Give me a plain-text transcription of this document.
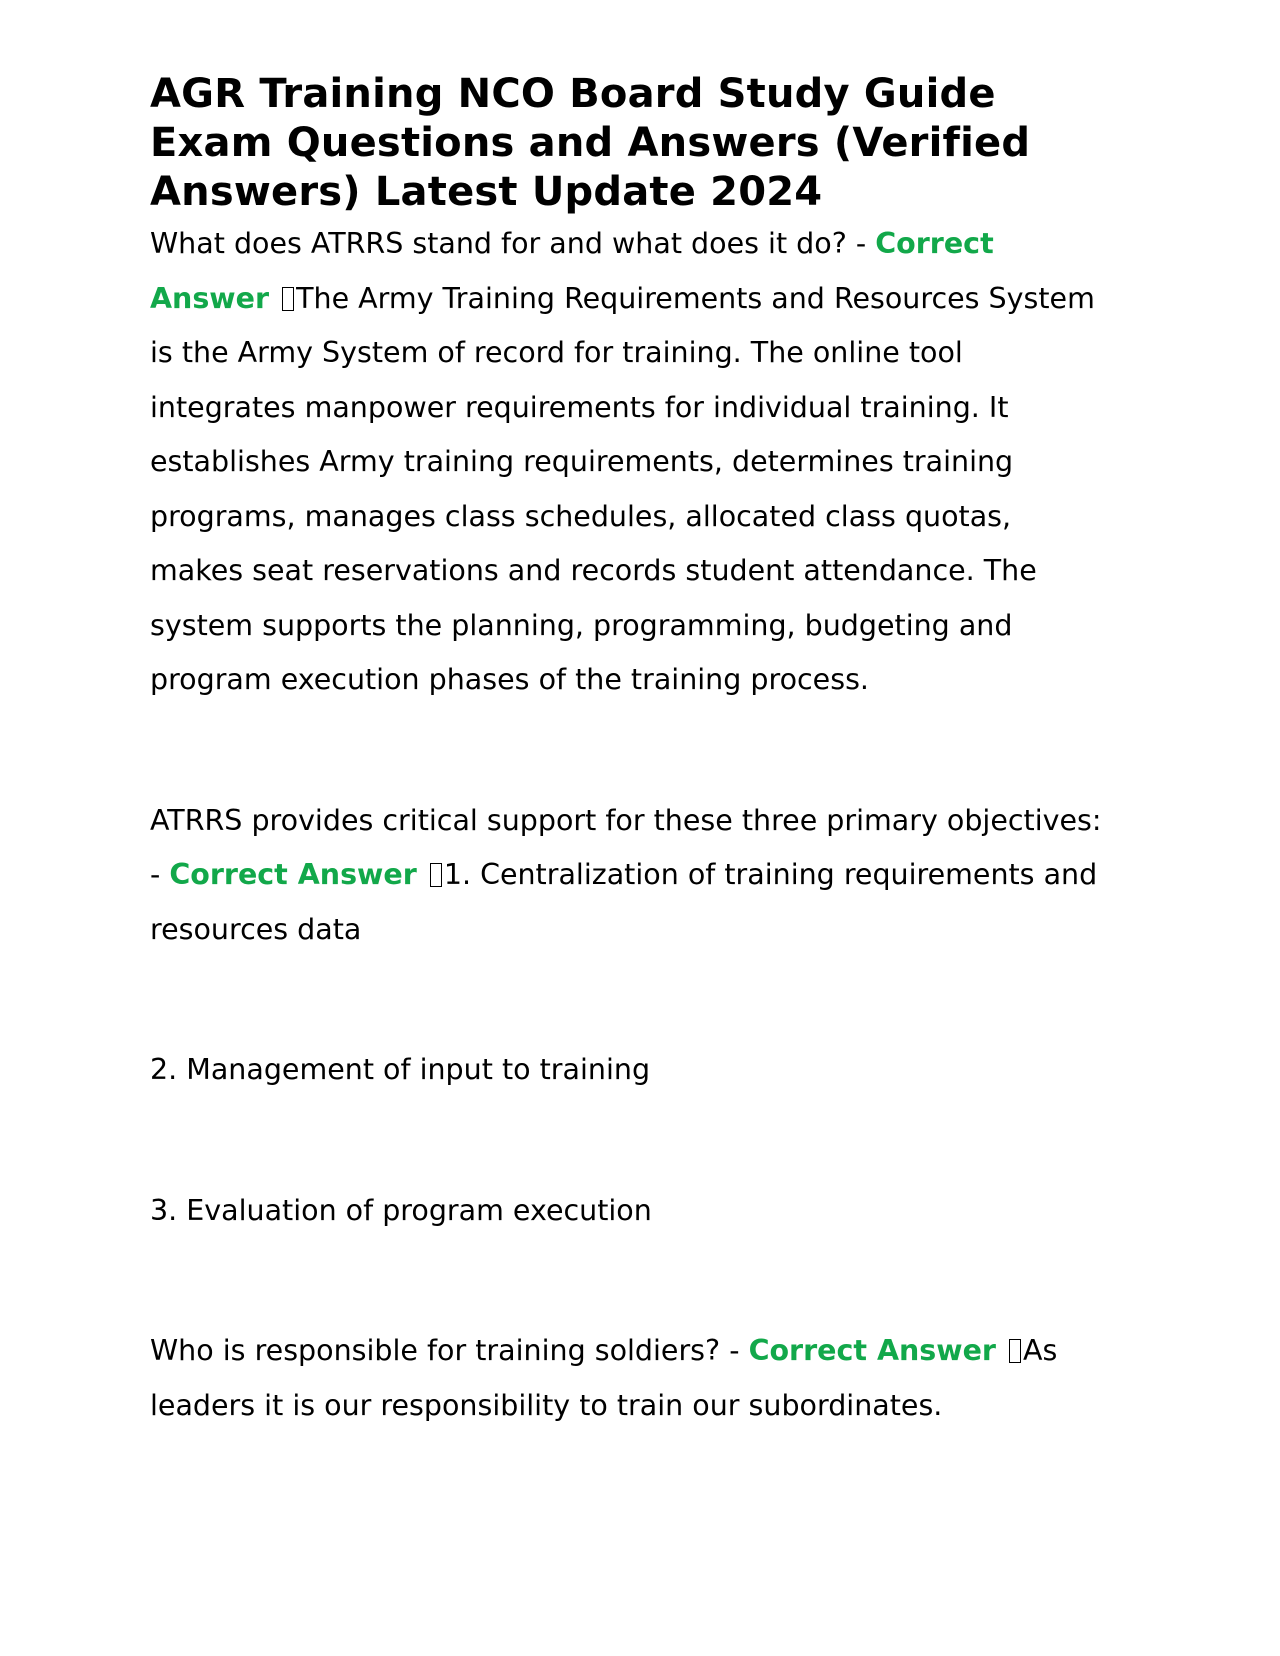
AGR Training NCO Board Study Guide Exam Questions and Answers (Verified Answers) Latest Update 2024

What does ATRRS stand for and what does it do? - Correct Answer The Army Training Requirements and Resources System is the Army System of record for training. The online tool integrates manpower requirements for individual training. It establishes Army training requirements, determines training programs, manages class schedules, allocated class quotas, makes seat reservations and records student attendance. The system supports the planning, programming, budgeting and program execution phases of the training process.

ATRRS provides critical support for these three primary objectives: - Correct Answer 1. Centralization of training requirements and resources data

2. Management of input to training

3. Evaluation of program execution

Who is responsible for training soldiers? - Correct Answer As leaders it is our responsibility to train our subordinates.
